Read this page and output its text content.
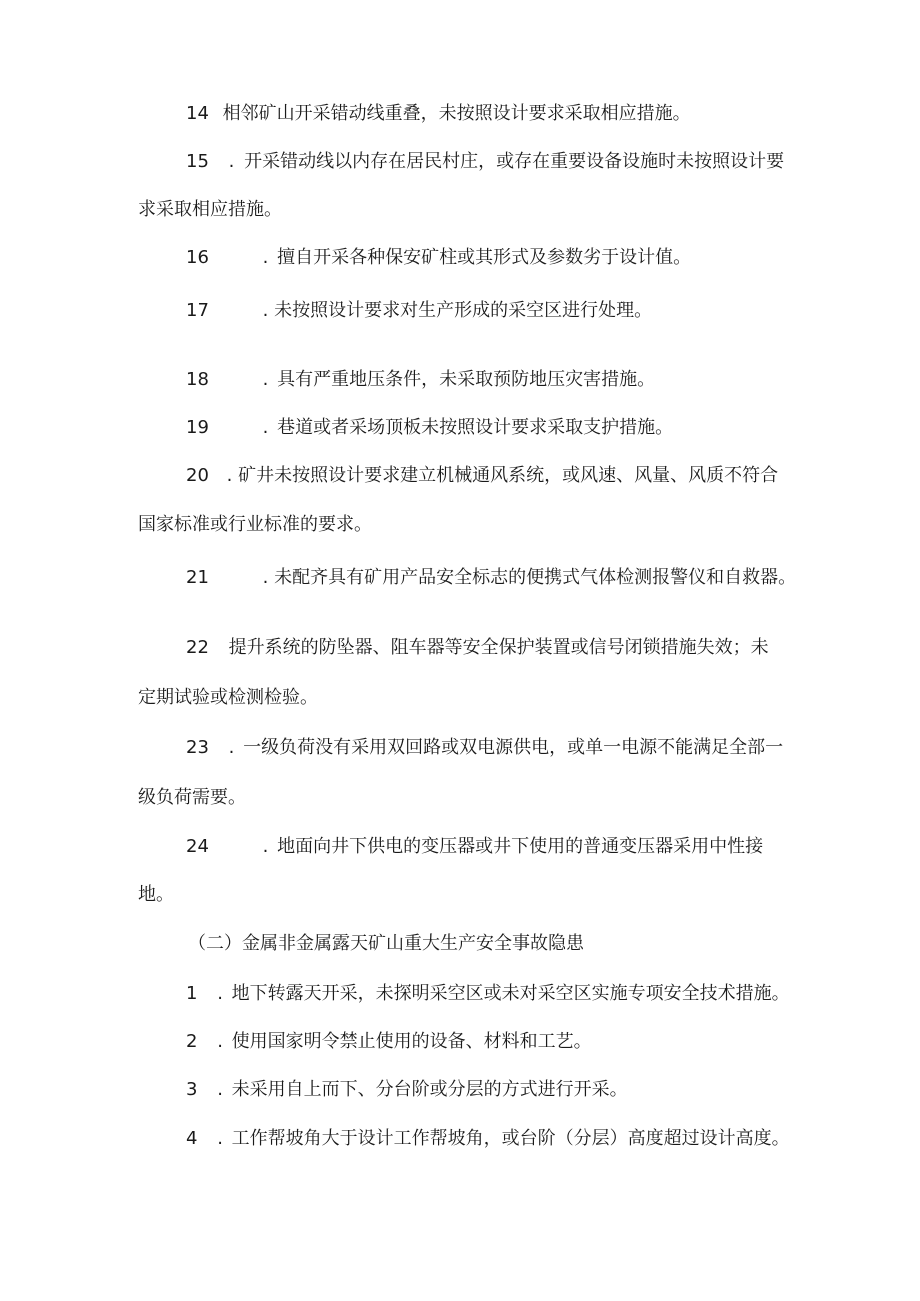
14 相邻矿山开采错动线重叠，未按照设计要求采取相应措施。
15 . 开采错动线以内存在居民村庄，或存在重要设备设施时未按照设计要
求采取相应措施。
16	. 擅自开采各种保安矿柱或其形式及参数劣于设计值。
17	. 未按照设计要求对生产形成的采空区进行处理。
18	. 具有严重地压条件，未采取预防地压灾害措施。
19	. 巷道或者采场顶板未按照设计要求采取支护措施。
20 . 矿井未按照设计要求建立机械通风系统，或风速、风量、风质不符合
国家标准或行业标准的要求。
21	. 未配齐具有矿用产品安全标志的便携式气体检测报警仪和自救器。
22 提升系统的防坠器、阻车器等安全保护装置或信号闭锁措施失效；未
定期试验或检测检验。
23 . 一级负荷没有采用双回路或双电源供电，或单一电源不能满足全部一
级负荷需要。
24	. 地面向井下供电的变压器或井下使用的普通变压器采用中性接
地。
（二）金属非金属露天矿山重大生产安全事故隐患
1 . 地下转露天开采，未探明采空区或未对采空区实施专项安全技术措施。
2 . 使用国家明令禁止使用的设备、材料和工艺。
3 . 未采用自上而下、分台阶或分层的方式进行开采。
4 . 工作帮坡角大于设计工作帮坡角，或台阶（分层）高度超过设计高度。
